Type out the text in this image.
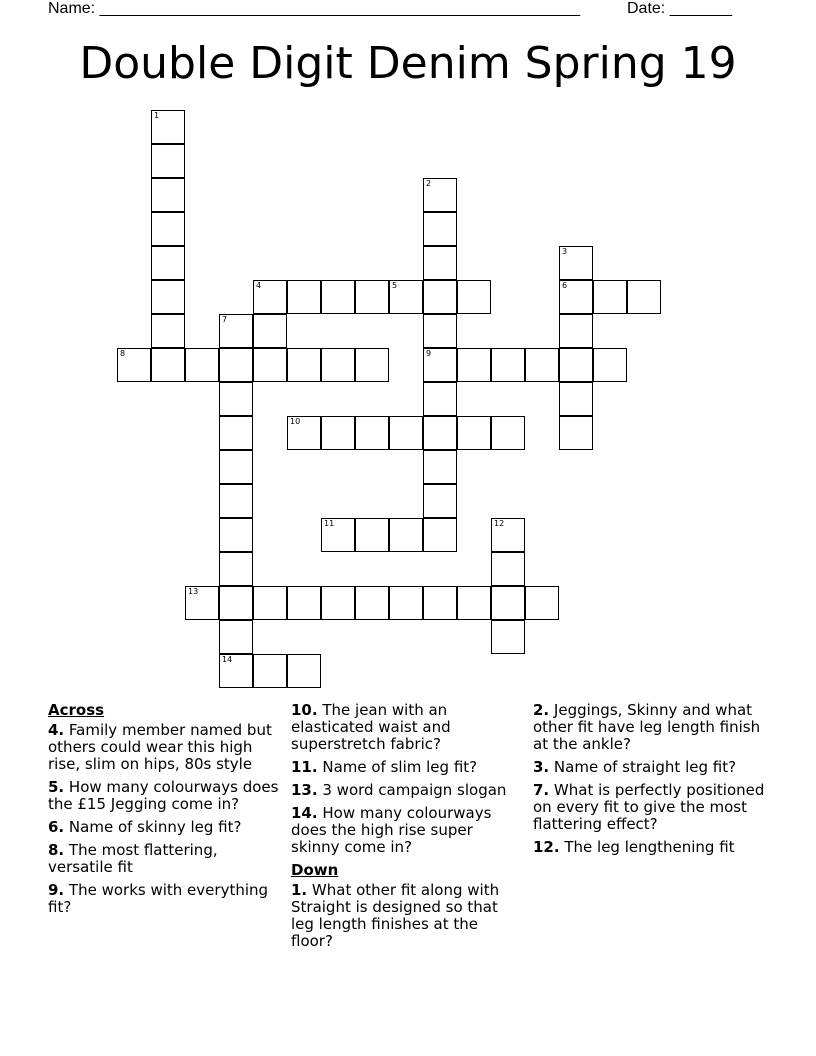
Name: ______________________________________________________	Date: _______
Double Digit Denim Spring 19
1
2
9
3
6
4	5
7
14
8
10
11	12
13
Across
4. Family member named but others could wear this high rise, slim on hips, 80s style
5. How many colourways does the £15 Jegging come in?
6. Name of skinny leg fit?
8. The most flattering, versatile fit
9. The works with everything fit?
10. The jean with an elasticated waist and superstretch fabric?
11. Name of slim leg fit?
13. 3 word campaign slogan
14. How many colourways does the high rise super skinny come in?
Down
1. What other fit along with Straight is designed so that leg length finishes at the floor?
2. Jeggings, Skinny and what other fit have leg length finish at the ankle?
3. Name of straight leg fit?
7. What is perfectly positioned on every fit to give the most flattering effect?
12. The leg lengthening fit
